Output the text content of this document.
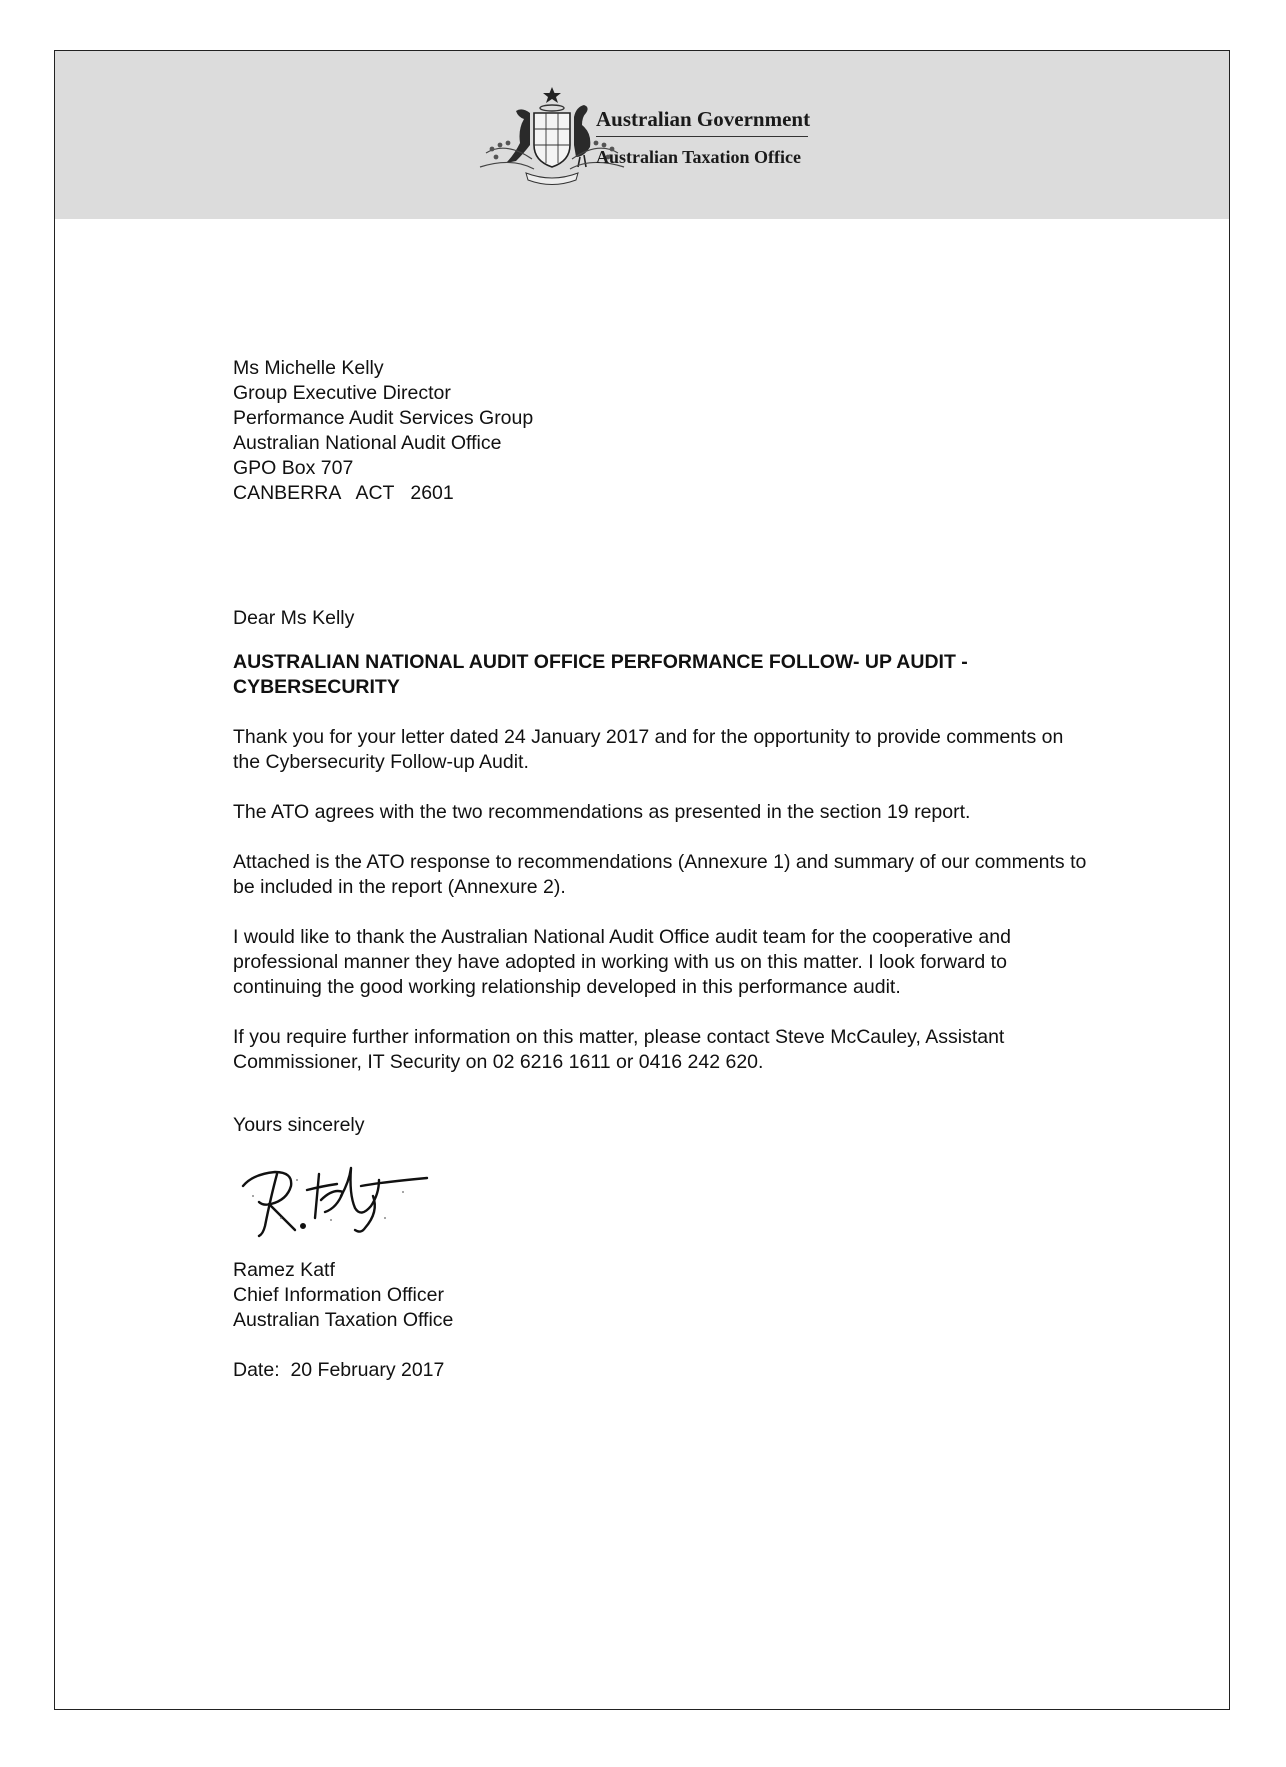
Australian Government
Australian Taxation Office
Ms Michelle Kelly
Group Executive Director
Performance Audit Services Group
Australian National Audit Office
GPO Box 707
CANBERRA   ACT   2601
Dear Ms Kelly
AUSTRALIAN NATIONAL AUDIT OFFICE PERFORMANCE FOLLOW- UP AUDIT - CYBERSECURITY
Thank you for your letter dated 24 January 2017 and for the opportunity to provide comments on the Cybersecurity Follow-up Audit.
The ATO agrees with the two recommendations as presented in the section 19 report.
Attached is the ATO response to recommendations (Annexure 1) and summary of our comments to be included in the report (Annexure 2).
I would like to thank the Australian National Audit Office audit team for the cooperative and professional manner they have adopted in working with us on this matter. I look forward to continuing the good working relationship developed in this performance audit.
If you require further information on this matter, please contact Steve McCauley, Assistant Commissioner, IT Security on 02 6216 1611 or 0416 242 620.
Yours sincerely
Ramez Katf
Chief Information Officer
Australian Taxation Office
Date:  20 February 2017
